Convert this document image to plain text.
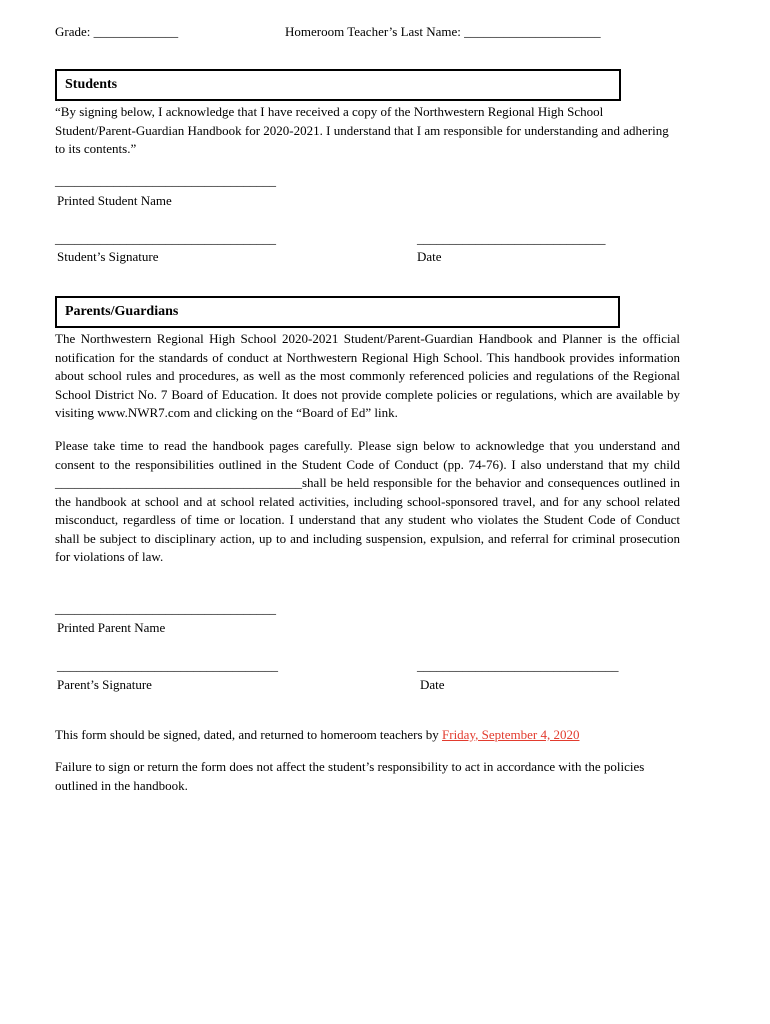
Grade: _____________	Homeroom Teacher’s Last Name: _____________________
Students
“By signing below, I acknowledge that I have received a copy of the Northwestern Regional High School Student/Parent-Guardian Handbook for 2020-2021. I understand that I am responsible for understanding and adhering to its contents.”
__________________________________
Printed Student Name
__________________________________
Student’s Signature
_____________________________
Date
Parents/Guardians
The Northwestern Regional High School 2020-2021 Student/Parent-Guardian Handbook and Planner is the official notification for the standards of conduct at Northwestern Regional High School. This handbook provides information about school rules and procedures, as well as the most commonly referenced policies and regulations of the Regional School District No. 7 Board of Education. It does not provide complete policies or regulations, which are available by visiting www.NWR7.com and clicking on the “Board of Ed” link.
Please take time to read the handbook pages carefully. Please sign below to acknowledge that you understand and consent to the responsibilities outlined in the Student Code of Conduct (pp. 74-76). I also understand that my child ______________________________________shall be held responsible for the behavior and consequences outlined in the handbook at school and at school related activities, including school-sponsored travel, and for any school related misconduct, regardless of time or location. I understand that any student who violates the Student Code of Conduct shall be subject to disciplinary action, up to and including suspension, expulsion, and referral for criminal prosecution for violations of law.
__________________________________
Printed Parent Name
__________________________________
Parent’s Signature
_______________________________
Date
This form should be signed, dated, and returned to homeroom teachers by Friday, September 4, 2020
Failure to sign or return the form does not affect the student’s responsibility to act in accordance with the policies outlined in the handbook.
